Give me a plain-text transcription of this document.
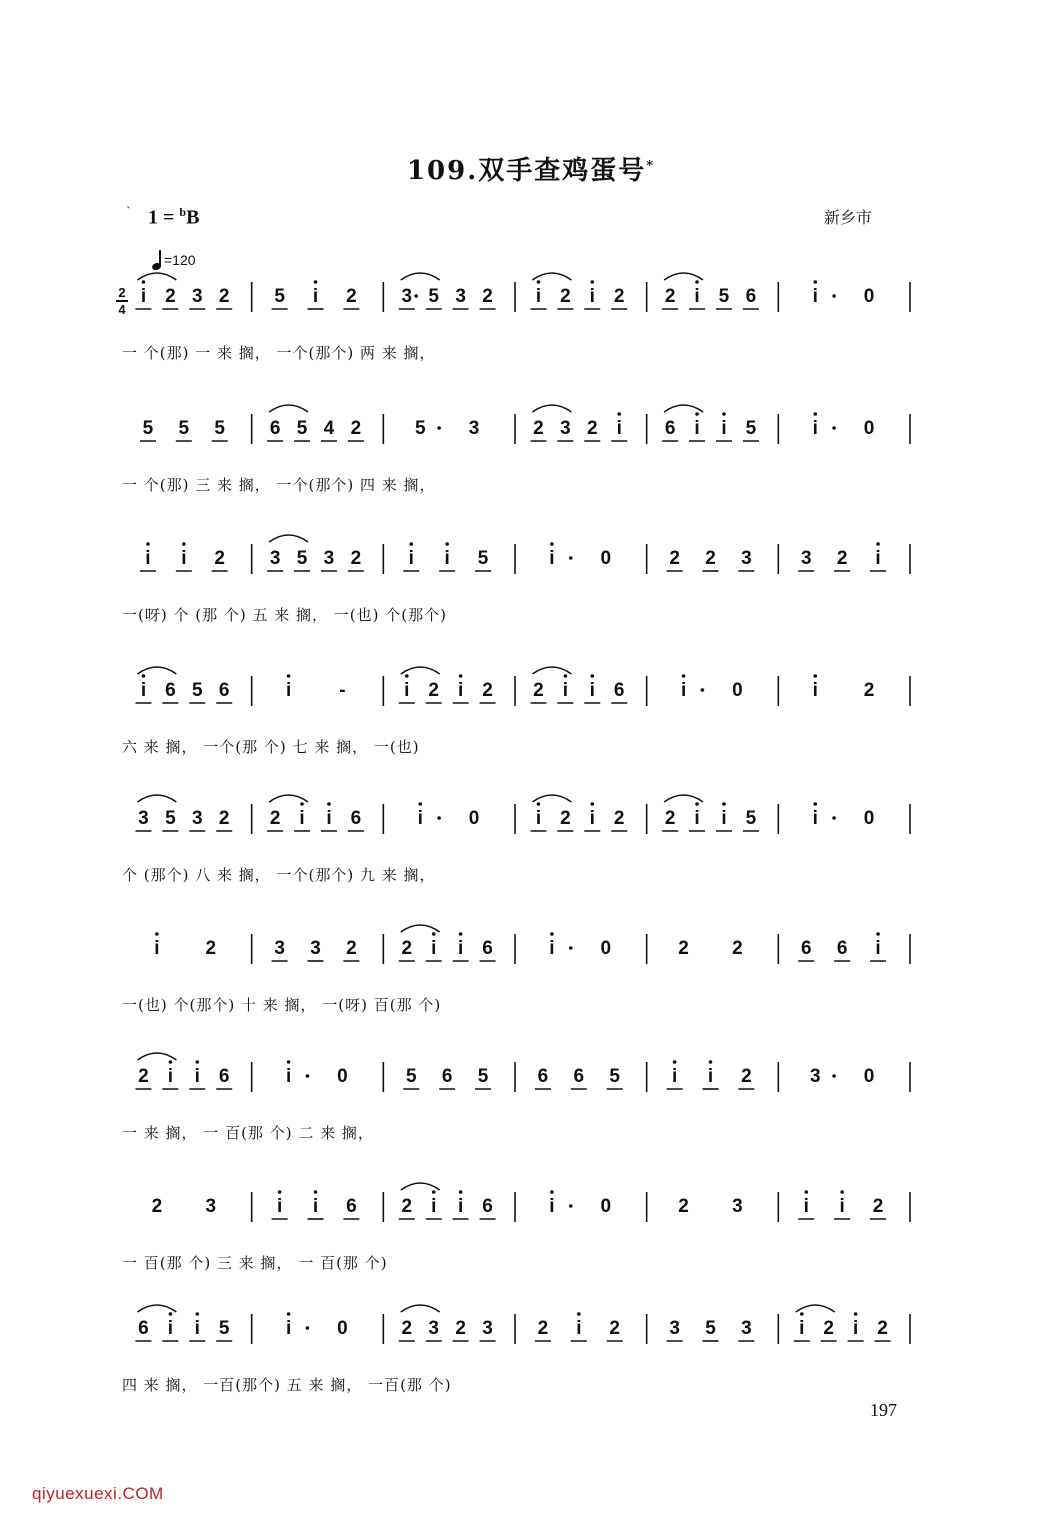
109.双手查鸡蛋号*
` 1 = $^b$B	新乡市
=120
2
4
i 2 3 2 5 i 2 3 5 3 2 i 2 i 2 2 i 5 6	i 0
一 个(那) 一 来 搁， 一个(那个) 两 来 搁，
5 5 5 6 5 4 2	5 3	2 3 2 i 6 i i 5	i 0
一 个(那) 三 来 搁， 一个(那个) 四 来 搁，
i i 2 3 5 3 2 i i 5	i 0	2 2 3	3 2 i
一(呀) 个 (那 个) 五 来 搁， 一(也) 个(那个)
i 6 5 6	i	-	i 2 i 2 2 i i 6	i 0	i 2
六 来 搁， 一个(那 个) 七 来 搁， 一(也)
3 5 3 2 2 i i 6	i 0	i 2 i 2 2 i i 5	i 0
个 (那个) 八 来 搁， 一个(那个) 九 来 搁，
i 2	3 3 2 2 i i 6	i 0	2 2	6 6 i
一(也) 个(那个) 十 来 搁， 一(呀) 百(那 个)
2 i i 6	i 0	5 6 5	6 6 5	i i 2	3 0
一 来 搁， 一 百(那 个) 二 来 搁，
2 3	i i 6 2 i i 6	i 0	2 3	i i 2
一 百(那 个) 三 来 搁， 一 百(那 个)
6 i i 5	i 0	2 3 2 3 2 i 2	3 5 3 i 2 i 2
四 来 搁， 一百(那个) 五 来 搁， 一百(那 个)
197
qiyuexuexi.COM
